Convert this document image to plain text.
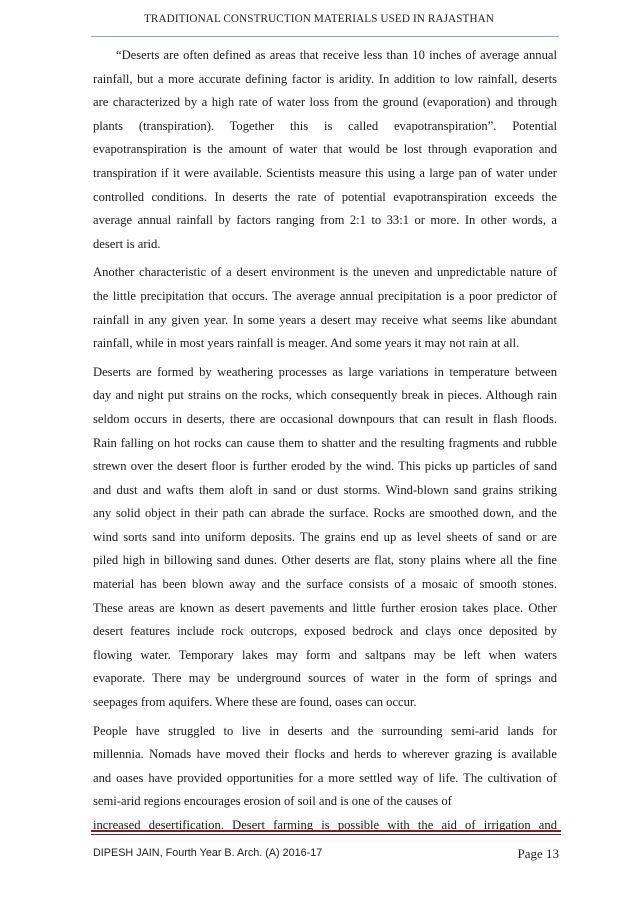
TRADITIONAL CONSTRUCTION MATERIALS USED IN RAJASTHAN
“Deserts are often defined as areas that receive less than 10 inches of average annual
rainfall, but a more accurate defining factor is aridity. In addition to low rainfall, deserts
are characterized by a high rate of water loss from the ground (evaporation) and through
plants (transpiration). Together this is called evapotranspiration”. Potential
evapotranspiration is the amount of water that would be lost through evaporation and
transpiration if it were available. Scientists measure this using a large pan of water under
controlled conditions. In deserts the rate of potential evapotranspiration exceeds the
average annual rainfall by factors ranging from 2:1 to 33:1 or more. In other words, a
desert is arid.
Another characteristic of a desert environment is the uneven and unpredictable nature of
the little precipitation that occurs. The average annual precipitation is a poor predictor of
rainfall in any given year. In some years a desert may receive what seems like abundant
rainfall, while in most years rainfall is meager. And some years it may not rain at all.
Deserts are formed by weathering processes as large variations in temperature between
day and night put strains on the rocks, which consequently break in pieces. Although rain
seldom occurs in deserts, there are occasional downpours that can result in flash floods.
Rain falling on hot rocks can cause them to shatter and the resulting fragments and rubble
strewn over the desert floor is further eroded by the wind. This picks up particles of sand
and dust and wafts them aloft in sand or dust storms. Wind-blown sand grains striking
any solid object in their path can abrade the surface. Rocks are smoothed down, and the
wind sorts sand into uniform deposits. The grains end up as level sheets of sand or are
piled high in billowing sand dunes. Other deserts are flat, stony plains where all the fine
material has been blown away and the surface consists of a mosaic of smooth stones.
These areas are known as desert pavements and little further erosion takes place. Other
desert features include rock outcrops, exposed bedrock and clays once deposited by
flowing water. Temporary lakes may form and saltpans may be left when waters
evaporate. There may be underground sources of water in the form of springs and
seepages from aquifers. Where these are found, oases can occur.
People have struggled to live in deserts and the surrounding semi-arid lands for
millennia. Nomads have moved their flocks and herds to wherever grazing is available
and oases have provided opportunities for a more settled way of life. The cultivation of
semi-arid regions encourages erosion of soil and is one of the causes of
increased desertification. Desert farming is possible with the aid of irrigation and
DIPESH JAIN, Fourth Year B. Arch. (A) 2016-17	Page 13
